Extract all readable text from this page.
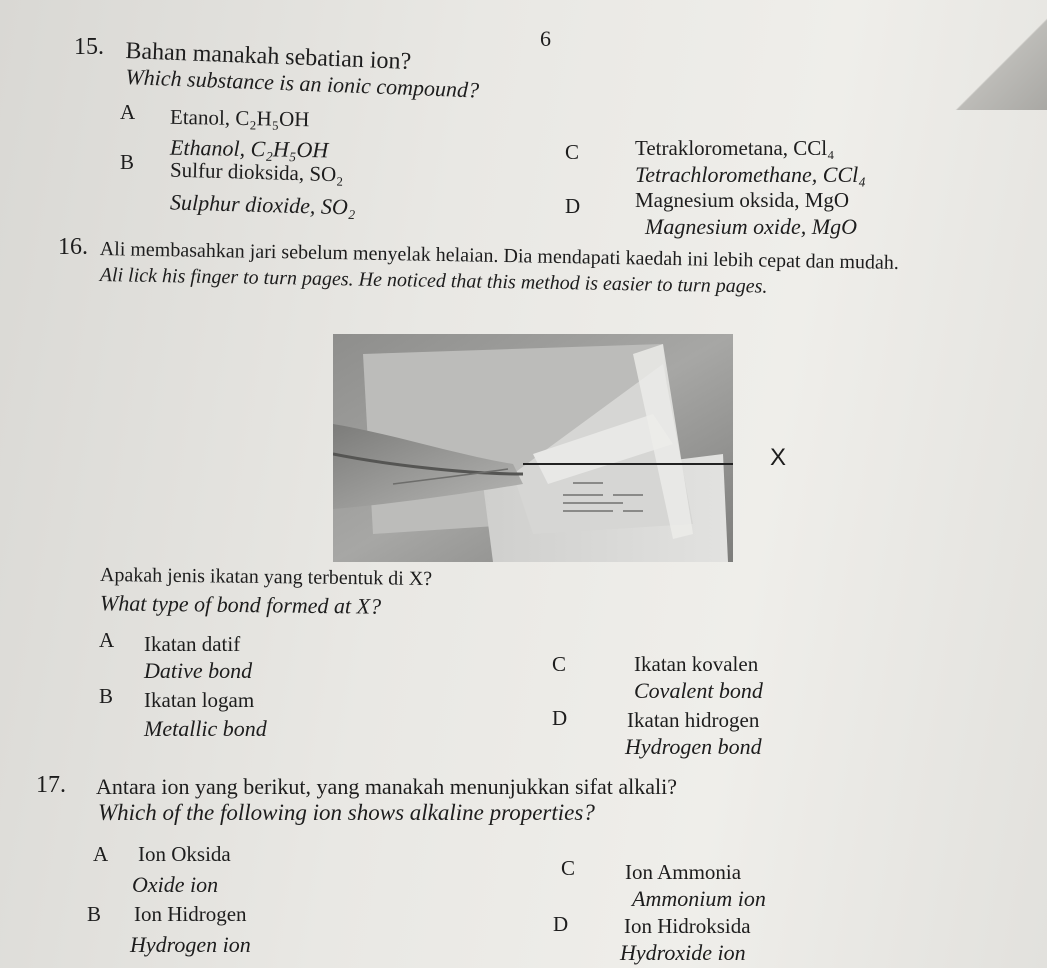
6
15. Bahan manakah sebatian ion?
Which substance is an ionic compound?
A Etanol, C₂H₅OH
Ethanol, C₂H₅OH
B Sulfur dioksida, SO₂
Sulphur dioxide, SO₂
C	Tetraklorometana, CCl₄
Tetrachloromethane, CCl₄
D	Magnesium oksida, MgO
Magnesium oxide, MgO
16. Ali membasahkan jari sebelum menyelak helaian. Dia mendapati kaedah ini lebih cepat dan mudah.
Ali lick his finger to turn pages. He noticed that this method is easier to turn pages.
X
Apakah jenis ikatan yang terbentuk di X?
What type of bond formed at X?
A Ikatan datif
Dative bond
B Ikatan logam
Metallic bond
C	Ikatan kovalen
Covalent bond
D	Ikatan hidrogen
Hydrogen bond
17. Antara ion yang berikut, yang manakah menunjukkan sifat alkali?
Which of the following ion shows alkaline properties?
A Ion Oksida
Oxide ion
B Ion Hidrogen
Hydrogen ion
C Ion Ammonia
Ammonium ion
D	Ion Hidroksida
Hydroxide ion
